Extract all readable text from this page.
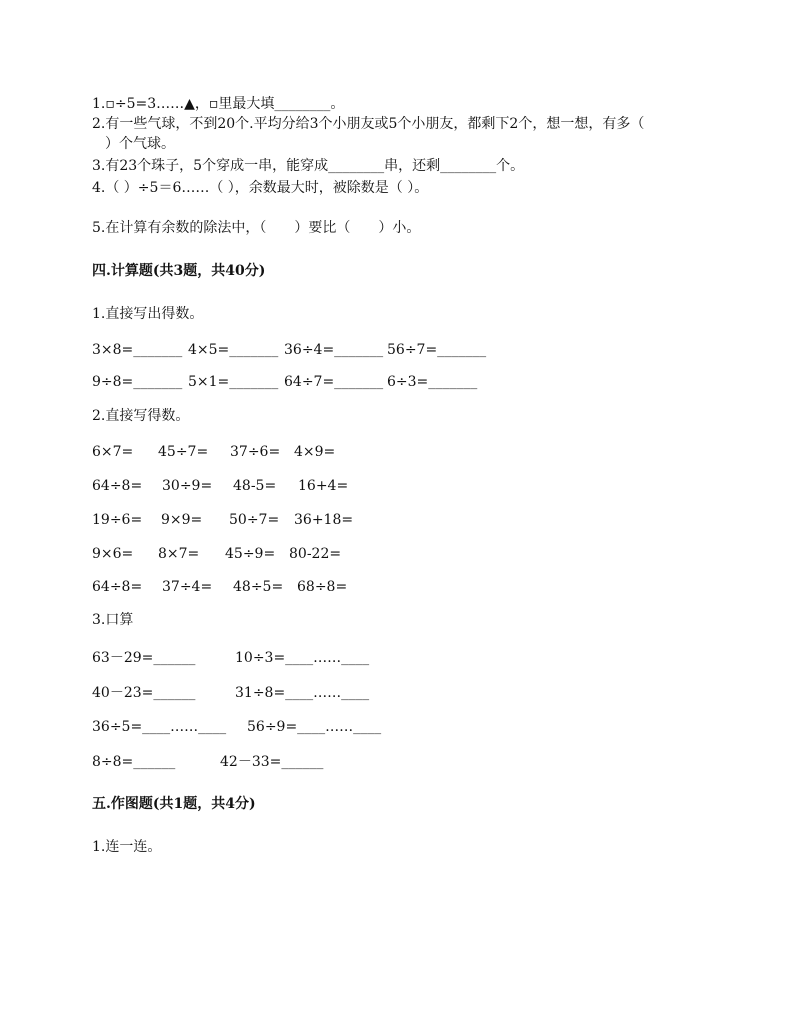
1.▫÷5=3……▲，▫里最大填________。
2.有一些气球，不到20个.平均分给3个小朋友或5个小朋友，都剩下2个，想一想，有多（
）个气球。
3.有23个珠子，5个穿成一串，能穿成________串，还剩________个。
4.（ ）÷5＝6……（ ），余数最大时，被除数是（ ）。
5.在计算有余数的除法中，（　　）要比（　　）小。
四.计算题(共3题，共40分)
1.直接写出得数。
3×8=_______ 4×5=_______ 36÷4=_______ 56÷7=_______
9÷8=_______ 5×1=_______ 64÷7=_______ 6÷3=_______
2.直接写得数。
6×7= 45÷7= 37÷6= 4×9=
64÷8= 30÷9= 48-5= 16+4=
19÷6= 9×9= 50÷7= 36+18=
9×6= 8×7= 45÷9= 80-22=
64÷8= 37÷4= 48÷5= 68÷8=
3.口算
63－29=______	10÷3=____……____
40－23=______	31÷8=____……____
36÷5=____……____ 56÷9=____……____
8÷8=______	42－33=______
五.作图题(共1题，共4分)
1.连一连。
